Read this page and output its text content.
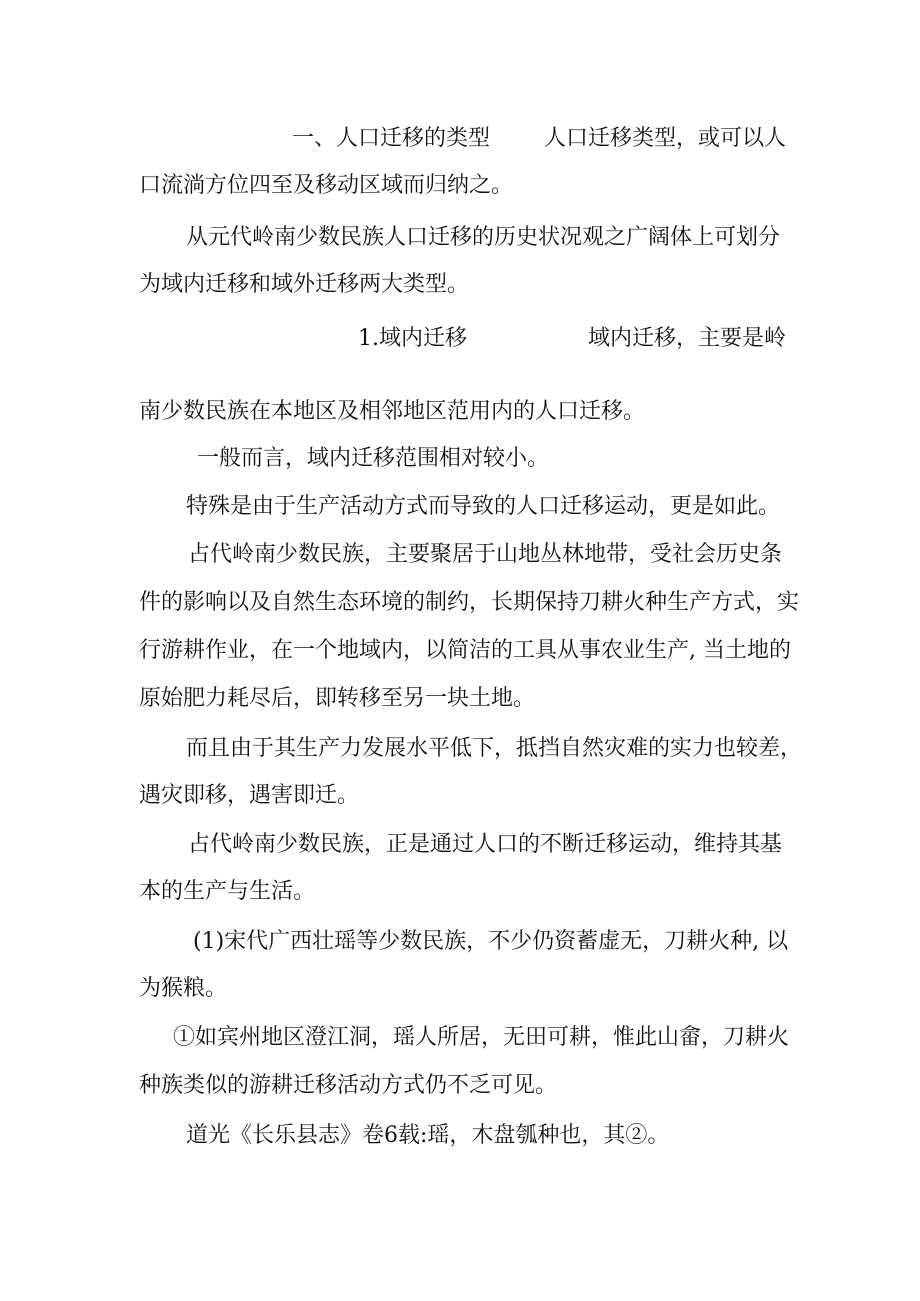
一、人口迁移的类型 人口迁移类型，或可以人

口流淌方位四至及移动区域而归纳之。

从元代岭南少数民族人口迁移的历史状况观之广阔体上可划分

为域内迁移和域外迁移两大类型。

1.域内迁移	域内迁移，主要是岭

南少数民族在本地区及相邻地区范用内的人口迁移。

一般而言，域内迁移范围相对较小。

特殊是由于生产活动方式而导致的人口迁移运动，更是如此。

占代岭南少数民族，主要聚居于山地丛林地带，受社会历史条

件的影响以及自然生态环境的制约，长期保持刀耕火种生产方式，实

行游耕作业，在一个地域内，以简洁的工具从事农业生产, 当土地的

原始肥力耗尽后，即转移至另一块土地。

而且由于其生产力发展水平低下，抵挡自然灾难的实力也较差，

遇灾即移，遇害即迁。

占代岭南少数民族，正是通过人口的不断迁移运动，维持其基

本的生产与生活。

(1)宋代广西壮瑶等少数民族，不少仍资蓄虚无，刀耕火种, 以

为猴粮。

①如宾州地区澄江洞，瑶人所居，无田可耕，惟此山畲，刀耕火

种族类似的游耕迁移活动方式仍不乏可见。

道光《长乐县志》卷6载:瑶，木盘瓠种也，其②。
